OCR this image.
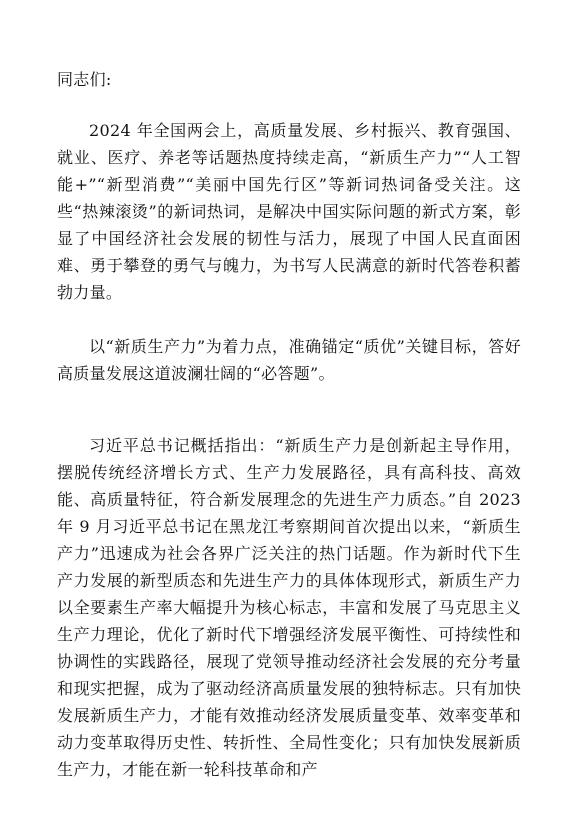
同志们:

2024 年全国两会上，高质量发展、乡村振兴、教育强国、就业、医疗、养老等话题热度持续走高，“新质生产力”“人工智能+”“新型消费”“美丽中国先行区”等新词热词备受关注。这些“热辣滚烫”的新词热词，是解决中国实际问题的新式方案，彰显了中国经济社会发展的韧性与活力，展现了中国人民直面困难、勇于攀登的勇气与魄力，为书写人民满意的新时代答卷积蓄勃力量。

以“新质生产力”为着力点，准确锚定“质优”关键目标，答好高质量发展这道波澜壮阔的“必答题”。

习近平总书记概括指出：“新质生产力是创新起主导作用，摆脱传统经济增长方式、生产力发展路径，具有高科技、高效能、高质量特征，符合新发展理念的先进生产力质态。”自 2023 年 9 月习近平总书记在黑龙江考察期间首次提出以来，“新质生产力”迅速成为社会各界广泛关注的热门话题。作为新时代下生产力发展的新型质态和先进生产力的具体体现形式，新质生产力以全要素生产率大幅提升为核心标志，丰富和发展了马克思主义生产力理论，优化了新时代下增强经济发展平衡性、可持续性和协调性的实践路径，展现了党领导推动经济社会发展的充分考量和现实把握，成为了驱动经济高质量发展的独特标志。只有加快发展新质生产力，才能有效推动经济发展质量变革、效率变革和动力变革取得历史性、转折性、全局性变化；只有加快发展新质生产力，才能在新一轮科技革命和产
